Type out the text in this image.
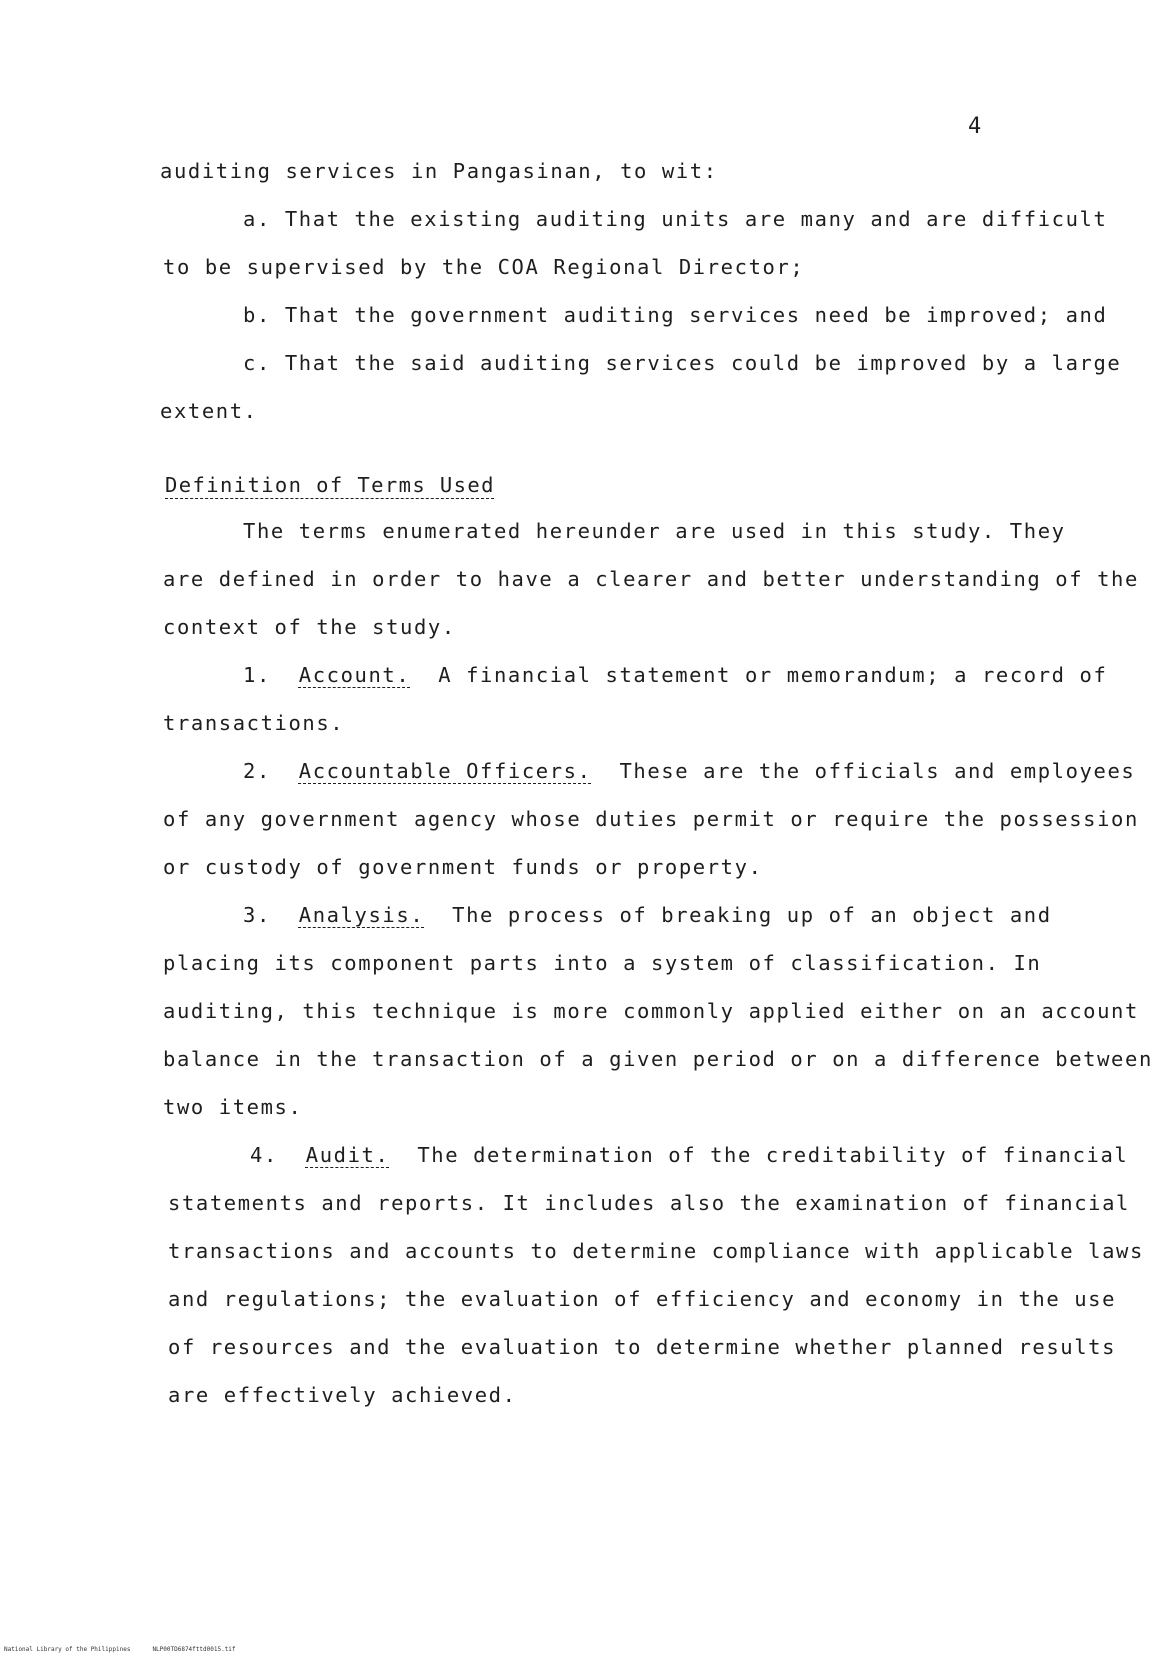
4
auditing services in Pangasinan, to wit:
a. That the existing auditing units are many and are difficult
to be supervised by the COA Regional Director;
b. That the government auditing services need be improved; and
c. That the said auditing services could be improved by a large
extent.
Definition of Terms Used
The terms enumerated hereunder are used in this study. They
are defined in order to have a clearer and better understanding of the
context of the study.
1. Account. A financial statement or memorandum; a record of
transactions.
2. Accountable Officers. These are the officials and employees
of any government agency whose duties permit or require the possession
or custody of government funds or property.
3. Analysis. The process of breaking up of an object and
placing its component parts into a system of classification. In
auditing, this technique is more commonly applied either on an account
balance in the transaction of a given period or on a difference between
two items.
4. Audit. The determination of the creditability of financial
statements and reports. It includes also the examination of financial
transactions and accounts to determine compliance with applicable laws
and regulations; the evaluation of efficiency and economy in the use
of resources and the evaluation to determine whether planned results
are effectively achieved.
National Library of the Philippines	NLP00TD6874fttd0015.tif
